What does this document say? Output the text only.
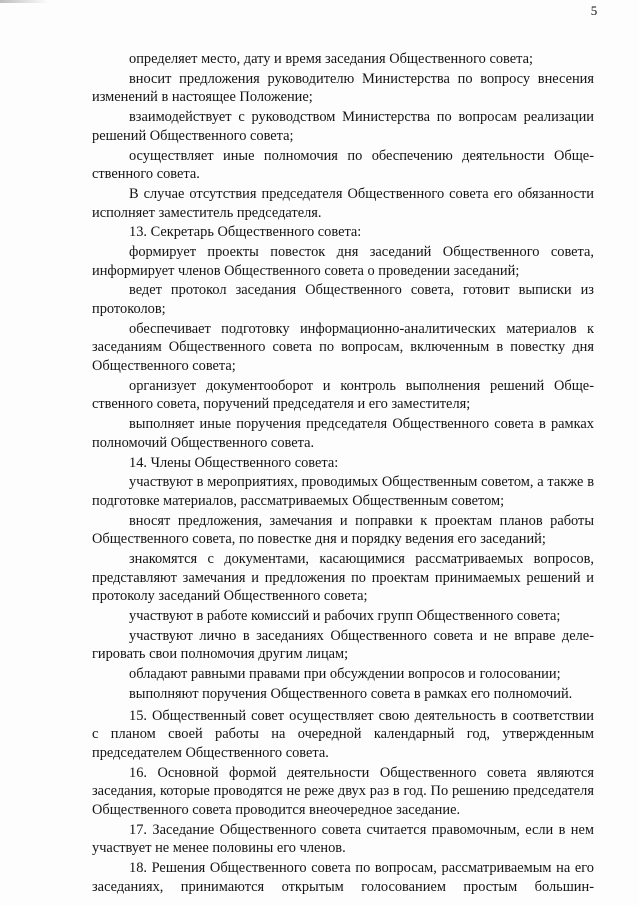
5

определяет место, дату и время заседания Общественного совета;

вносит предложения руководителю Министерства по вопросу внесения изменений в настоящее Положение;

взаимодействует с руководством Министерства по вопросам реализации решений Общественного совета;

осуществляет иные полномочия по обеспечению деятельности Общественного совета.

В случае отсутствия председателя Общественного совета его обязанности исполняет заместитель председателя.

13. Секретарь Общественного совета:

формирует проекты повесток дня заседаний Общественного совета, информирует членов Общественного совета о проведении заседаний;

ведет протокол заседания Общественного совета, готовит выписки из протоколов;

обеспечивает подготовку информационно-аналитических материалов к заседаниям Общественного совета по вопросам, включенным в повестку дня Общественного совета;

организует документооборот и контроль выполнения решений Общественного совета, поручений председателя и его заместителя;

выполняет иные поручения председателя Общественного совета в рамках полномочий Общественного совета.

14. Члены Общественного совета:

участвуют в мероприятиях, проводимых Общественным советом, а также в подготовке материалов, рассматриваемых Общественным советом;

вносят предложения, замечания и поправки к проектам планов работы Общественного совета, по повестке дня и порядку ведения его заседаний;

знакомятся с документами, касающимися рассматриваемых вопросов, представляют замечания и предложения по проектам принимаемых решений и протоколу заседаний Общественного совета;

участвуют в работе комиссий и рабочих групп Общественного совета;

участвуют лично в заседаниях Общественного совета и не вправе делегировать свои полномочия другим лицам;

обладают равными правами при обсуждении вопросов и голосовании;

выполняют поручения Общественного совета в рамках его полномочий.

15. Общественный совет осуществляет свою деятельность в соответствии с планом своей работы на очередной календарный год, утвержденным председателем Общественного совета.

16. Основной формой деятельности Общественного совета являются заседания, которые проводятся не реже двух раз в год. По решению председателя Общественного совета проводится внеочередное заседание.

17. Заседание Общественного совета считается правомочным, если в нем участвует не менее половины его членов.

18. Решения Общественного совета по вопросам, рассматриваемым на его заседаниях, принимаются открытым голосованием простым большин-
